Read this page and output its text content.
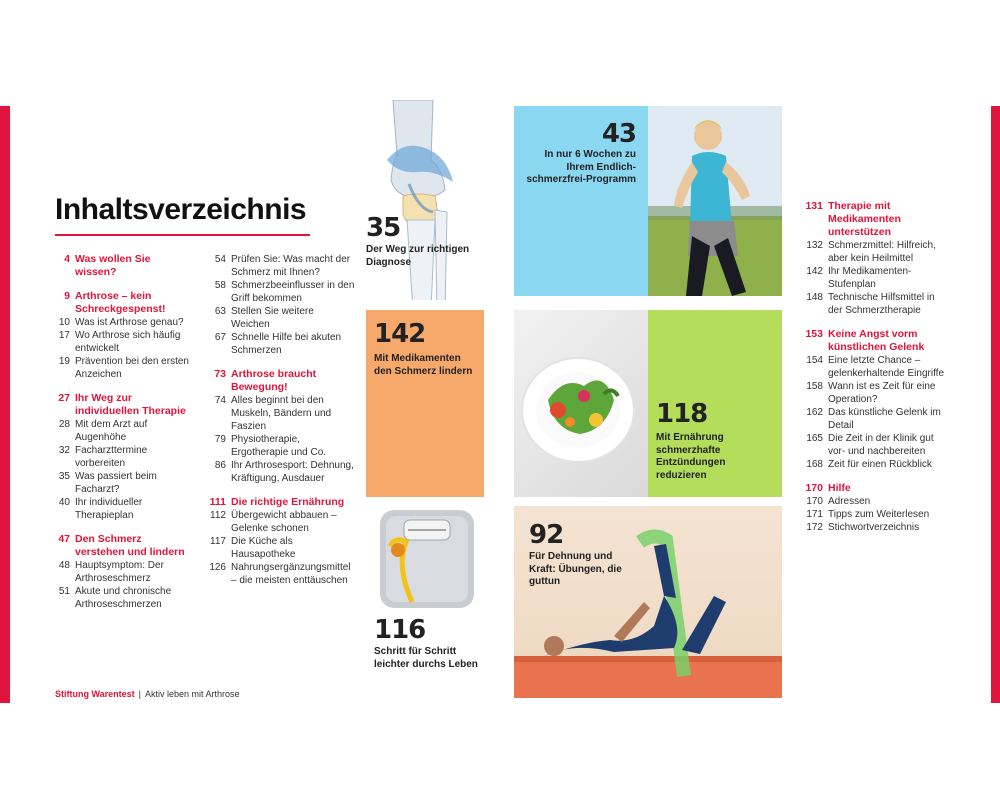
Inhaltsverzeichnis
4 Was wollen Sie wissen?
9 Arthrose – kein Schreckgespenst!
10 Was ist Arthrose genau?
17 Wo Arthrose sich häufig entwickelt
19 Prävention bei den ersten Anzeichen
27 Ihr Weg zur individuellen Therapie
28 Mit dem Arzt auf Augenhöhe
32 Facharzttermine vorbereiten
35 Was passiert beim Facharzt?
40 Ihr individueller Therapieplan
47 Den Schmerz verstehen und lindern
48 Hauptsymptom: Der Arthroseschmerz
51 Akute und chronische Arthroseschmerzen
54 Prüfen Sie: Was macht der Schmerz mit Ihnen?
58 Schmerzbeeinflusser in den Griff bekommen
63 Stellen Sie weitere Weichen
67 Schnelle Hilfe bei akuten Schmerzen
73 Arthrose braucht Bewegung!
74 Alles beginnt bei den Muskeln, Bändern und Faszien
79 Physiotherapie, Ergotherapie und Co.
86 Ihr Arthrosesport: Dehnung, Kräftigung, Ausdauer
111 Die richtige Ernährung
112 Übergewicht abbauen – Gelenke schonen
117 Die Küche als Hausapotheke
126 Nahrungsergänzungsmittel – die meisten enttäuschen
131 Therapie mit Medikamenten unterstützen
132 Schmerzmittel: Hilfreich, aber kein Heilmittel
142 Ihr Medikamenten-Stufenplan
148 Technische Hilfsmittel in der Schmerztherapie
153 Keine Angst vorm künstlichen Gelenk
154 Eine letzte Chance – gelenkerhaltende Eingriffe
158 Wann ist es Zeit für eine Operation?
162 Das künstliche Gelenk im Detail
165 Die Zeit in der Klinik gut vor- und nachbereiten
168 Zeit für einen Rückblick
170 Hilfe
170 Adressen
171 Tipps zum Weiterlesen
172 Stichwortverzeichnis
35
Der Weg zur richtigen Diagnose
43
In nur 6 Wochen zu Ihrem Endlich-schmerzfrei-Programm
142
Mit Medikamenten den Schmerz lindern
118
Mit Ernährung schmerzhafte Entzündungen reduzieren
116
Schritt für Schritt leichter durchs Leben
92
Für Dehnung und Kraft: Übungen, die guttun
Stiftung Warentest | Aktiv leben mit Arthrose
